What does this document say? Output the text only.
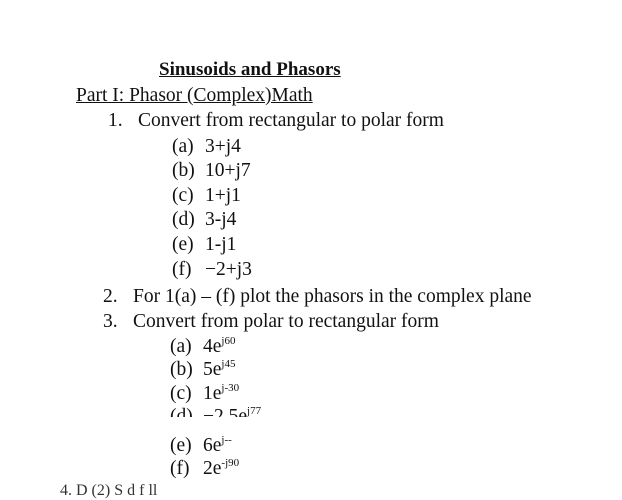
Sinusoids and Phasors
Part I: Phasor (Complex)Math
1. Convert from rectangular to polar form
(a) 3+j4
(b) 10+j7
(c) 1+j1
(d) 3-j4
(e) 1-j1
(f) −2+j3
2. For 1(a) – (f) plot the phasors in the complex plane
3. Convert from polar to rectangular form
(a) $4e^{j60}$
(b) $5e^{j45}$
(c) $1e^{j-30}$
$^{j77}$
(e) $6e^{j--}$
(f) $2e^{-j90}$
4. D (2) S d f ll
